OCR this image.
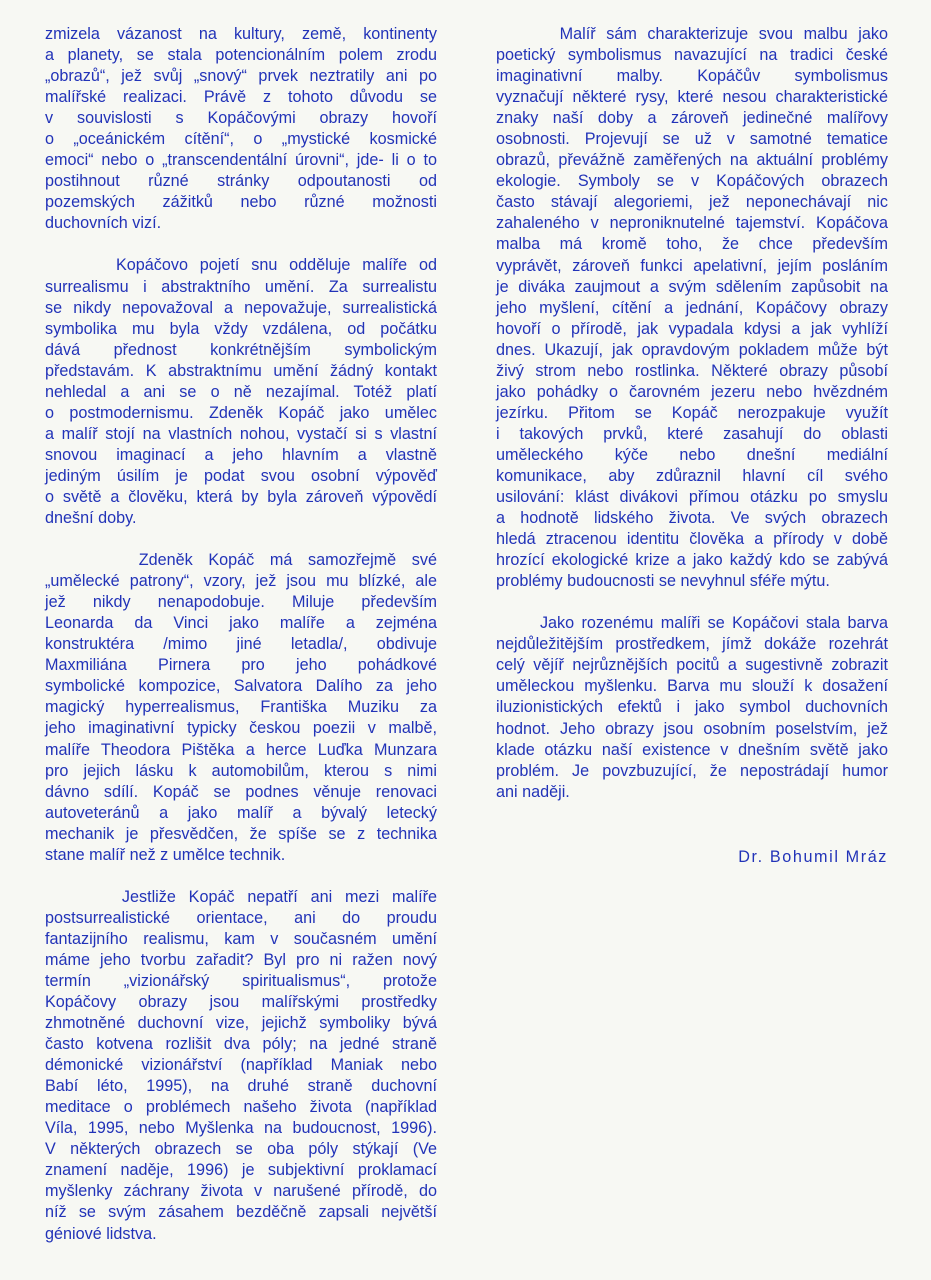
zmizela vázanost na kultury, země, kontinenty
a planety, se stala potencionálním polem zrodu
„obrazů“, jež svůj „snový“ prvek neztratily ani po
malířské realizaci. Právě z tohoto důvodu se
v souvislosti s Kopáčovými obrazy hovoří
o „oceánickém cítění“, o „mystické kosmické
emoci“ nebo o „transcendentální úrovni“, jde- li o to
postihnout různé stránky odpoutanosti od
pozemských zážitků nebo různé možnosti
duchovních vizí.
Kopáčovo pojetí snu odděluje malíře od
surrealismu i abstraktního umění. Za surrealistu
se nikdy nepovažoval a nepovažuje, surrealistická
symbolika mu byla vždy vzdálena, od počátku
dává přednost konkrétnějším symbolickým
představám. K abstraktnímu umění žádný kontakt
nehledal a ani se o ně nezajímal. Totéž platí
o postmodernismu. Zdeněk Kopáč jako umělec
a malíř stojí na vlastních nohou, vystačí si s vlastní
snovou imaginací a jeho hlavním a vlastně
jediným úsilím je podat svou osobní výpověď
o světě a člověku, která by byla zároveň výpovědí
dnešní doby.
Zdeněk Kopáč má samozřejmě své
„umělecké patrony“, vzory, jež jsou mu blízké, ale
jež nikdy nenapodobuje. Miluje především
Leonarda da Vinci jako malíře a zejména
konstruktéra /mimo jiné letadla/, obdivuje
Maxmiliána Pirnera pro jeho pohádkové
symbolické kompozice, Salvatora Dalího za jeho
magický hyperrealismus, Františka Muziku za
jeho imaginativní typicky českou poezii v malbě,
malíře Theodora Pištěka a herce Luďka Munzara
pro jejich lásku k automobilům, kterou s nimi
dávno sdílí. Kopáč se podnes věnuje renovaci
autoveteránů a jako malíř a bývalý letecký
mechanik je přesvědčen, že spíše se z technika
stane malíř než z umělce technik.
Jestliže Kopáč nepatří ani mezi malíře
postsurrealistické orientace, ani do proudu
fantazijního realismu, kam v současném umění
máme jeho tvorbu zařadit? Byl pro ni ražen nový
termín „vizionářský spiritualismus“, protože
Kopáčovy obrazy jsou malířskými prostředky
zhmotněné duchovní vize, jejichž symboliky bývá
často kotvena rozlišit dva póly; na jedné straně
démonické vizionářství (například Maniak nebo
Babí léto, 1995), na druhé straně duchovní
meditace o problémech našeho života (například
Víla, 1995, nebo Myšlenka na budoucnost, 1996).
V některých obrazech se oba póly stýkají (Ve
znamení naděje, 1996) je subjektivní proklamací
myšlenky záchrany života v narušené přírodě, do
níž se svým zásahem bezděčně zapsali největší
géniové lidstva.
Malíř sám charakterizuje svou malbu jako
poetický symbolismus navazující na tradici české
imaginativní malby. Kopáčův symbolismus
vyznačují některé rysy, které nesou charakteristické
znaky naší doby a zároveň jedinečné malířovy
osobnosti. Projevují se už v samotné tematice
obrazů, převážně zaměřených na aktuální problémy
ekologie. Symboly se v Kopáčových obrazech
často stávají alegoriemi, jež neponechávají nic
zahaleného v neproniknutelné tajemství. Kopáčova
malba má kromě toho, že chce především
vyprávět, zároveň funkci apelativní, jejím posláním
je diváka zaujmout a svým sdělením zapůsobit na
jeho myšlení, cítění a jednání, Kopáčovy obrazy
hovoří o přírodě, jak vypadala kdysi a jak vyhlíží
dnes. Ukazují, jak opravdovým pokladem může být
živý strom nebo rostlinka. Některé obrazy působí
jako pohádky o čarovném jezeru nebo hvězdném
jezírku. Přitom se Kopáč nerozpakuje využít
i takových prvků, které zasahují do oblasti
uměleckého kýče nebo dnešní mediální
komunikace, aby zdůraznil hlavní cíl svého
usilování: klást divákovi přímou otázku po smyslu
a hodnotě lidského života. Ve svých obrazech
hledá ztracenou identitu člověka a přírody v době
hrozící ekologické krize a jako každý kdo se zabývá
problémy budoucnosti se nevyhnul sféře mýtu.
Jako rozenému malíři se Kopáčovi stala barva
nejdůležitějším prostředkem, jímž dokáže rozehrát
celý vějíř nejrůznějších pocitů a sugestivně zobrazit
uměleckou myšlenku. Barva mu slouží k dosažení
iluzionistických efektů i jako symbol duchovních
hodnot. Jeho obrazy jsou osobním poselstvím, jež
klade otázku naší existence v dnešním světě jako
problém. Je povzbuzující, že nepostrádají humor
ani naději.
Dr. Bohumil Mráz
